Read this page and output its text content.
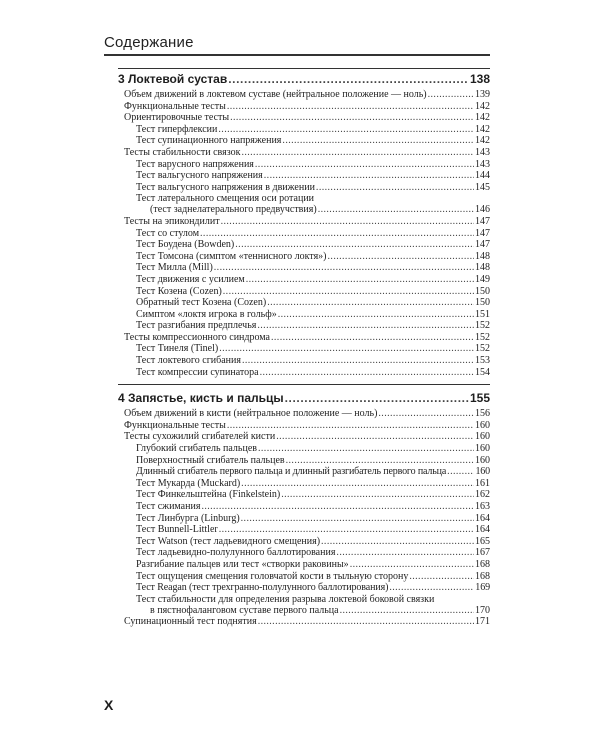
Содержание
3 Локтевой сустав .....	138
Объем движений в локтевом суставе (нейтральное положение — ноль) .....	139
Функциональные тесты .....	142
Ориентировочные тесты .....	142
Тест гиперфлексии .....	142
Тест супинационного напряжения .....	142
Тесты стабильности связок .....	143
Тест варусного напряжения .....	143
Тест вальгусного напряжения .....	144
Тест вальгусного напряжения в движении .....	145
Тест латерального смещения оси ротации
(тест заднелатерального предвучствия) .....	146
Тесты на эпикондилит .....	147
Тест со стулом .....	147
Тест Боудена (Bowden) .....	147
Тест Томсона (симптом «теннисного локтя») .....	148
Тест Милла (Mill) .....	148
Тест движения с усилием .....	149
Тест Козена (Cozen) .....	150
Обратный тест Козена (Cozen) .....	150
Симптом «локтя игрока в гольф» .....	151
Тест разгибания предплечья .....	152
Тесты компрессионного синдрома .....	152
Тест Тинеля (Tinel) .....	152
Тест локтевого сгибания .....	153
Тест компрессии супинатора .....	154
4 Запястье, кисть и пальцы .....	155
Объем движений в кисти (нейтральное положение — ноль) .....	156
Функциональные тесты .....	160
Тесты сухожилий сгибателей кисти .....	160
Глубокий сгибатель пальцев .....	160
Поверхностный сгибатель пальцев .....	160
Длинный сгибатель первого пальца и длинный разгибатель первого пальца .....	160
Тест Мукарда (Muckard) .....	161
Тест Финкельштейна (Finkelstein) .....	162
Тест сжимания .....	163
Тест Линбурга (Linburg) .....	164
Тест Bunnell-Littler .....	164
Тест Watson (тест ладьевидного смещения) .....	165
Тест ладьевидно-полулунного баллотирования .....	167
Разгибание пальцев или тест «створки раковины» .....	168
Тест ощущения смещения головчатой кости в тыльную сторону .....	168
Тест Reagan (тест трехгранно-полулунного баллотирования) .....	169
Тест стабильности для определения разрыва локтевой боковой связки
в пястнофаланговом суставе первого пальца .....	170
Супинационный тест поднятия .....	171
X
